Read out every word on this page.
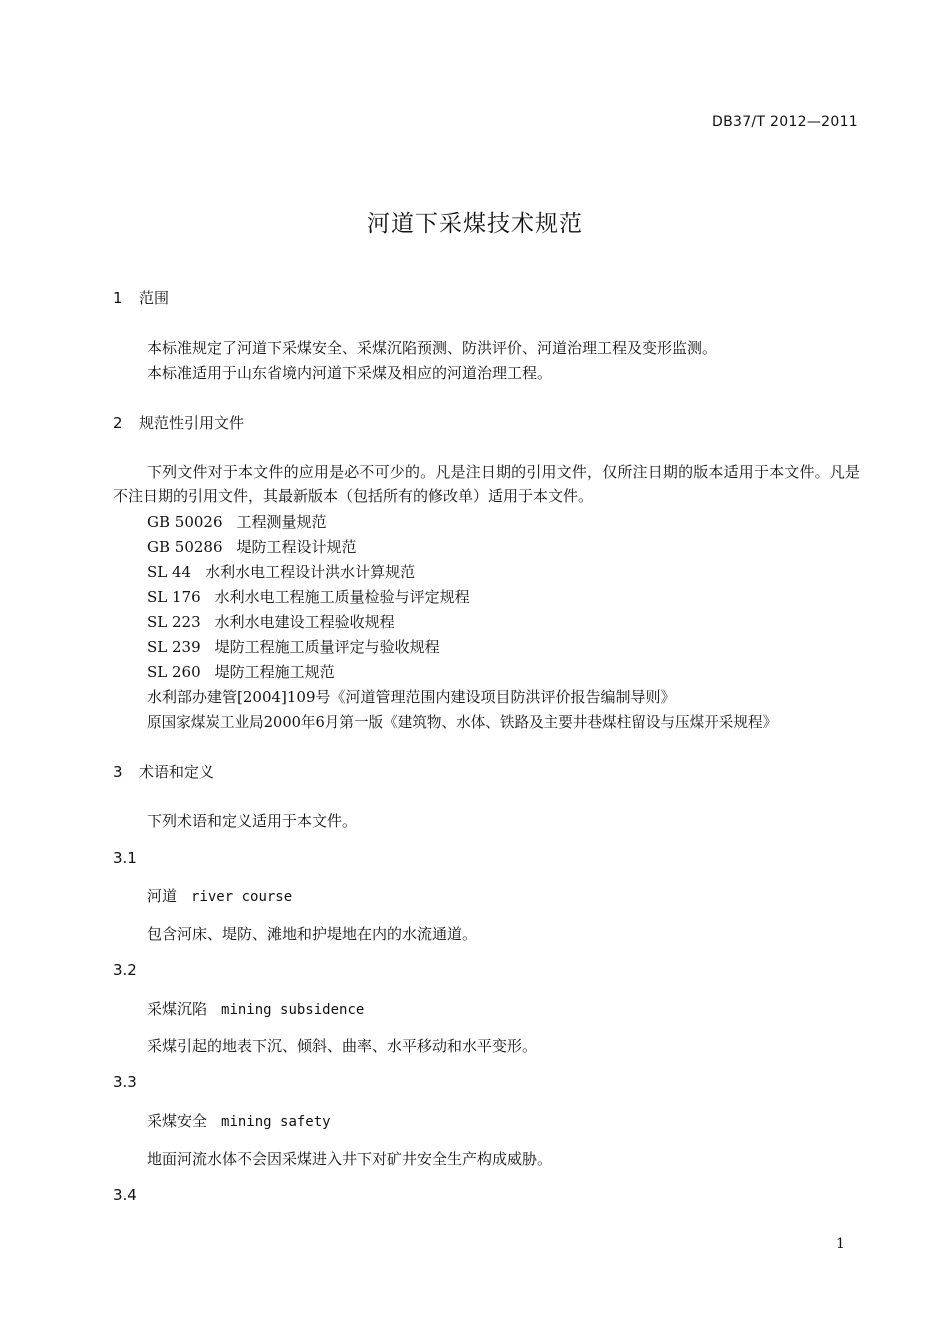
DB37/T 2012—2011
河道下采煤技术规范
1 范围
本标准规定了河道下采煤安全、采煤沉陷预测、防洪评价、河道治理工程及变形监测。
本标准适用于山东省境内河道下采煤及相应的河道治理工程。
2 规范性引用文件
下列文件对于本文件的应用是必不可少的。凡是注日期的引用文件，仅所注日期的版本适用于本文件。凡是不注日期的引用文件，其最新版本（包括所有的修改单）适用于本文件。
GB 50026 工程测量规范
GB 50286 堤防工程设计规范
SL 44 水利水电工程设计洪水计算规范
SL 176 水利水电工程施工质量检验与评定规程
SL 223 水利水电建设工程验收规程
SL 239 堤防工程施工质量评定与验收规程
SL 260 堤防工程施工规范
水利部办建管[2004]109号《河道管理范围内建设项目防洪评价报告编制导则》
原国家煤炭工业局2000年6月第一版《建筑物、水体、铁路及主要井巷煤柱留设与压煤开采规程》
3 术语和定义
下列术语和定义适用于本文件。
3.1
河道 river course
包含河床、堤防、滩地和护堤地在内的水流通道。
3.2
采煤沉陷 mining subsidence
采煤引起的地表下沉、倾斜、曲率、水平移动和水平变形。
3.3
采煤安全 mining safety
地面河流水体不会因采煤进入井下对矿井安全生产构成威胁。
3.4
1
